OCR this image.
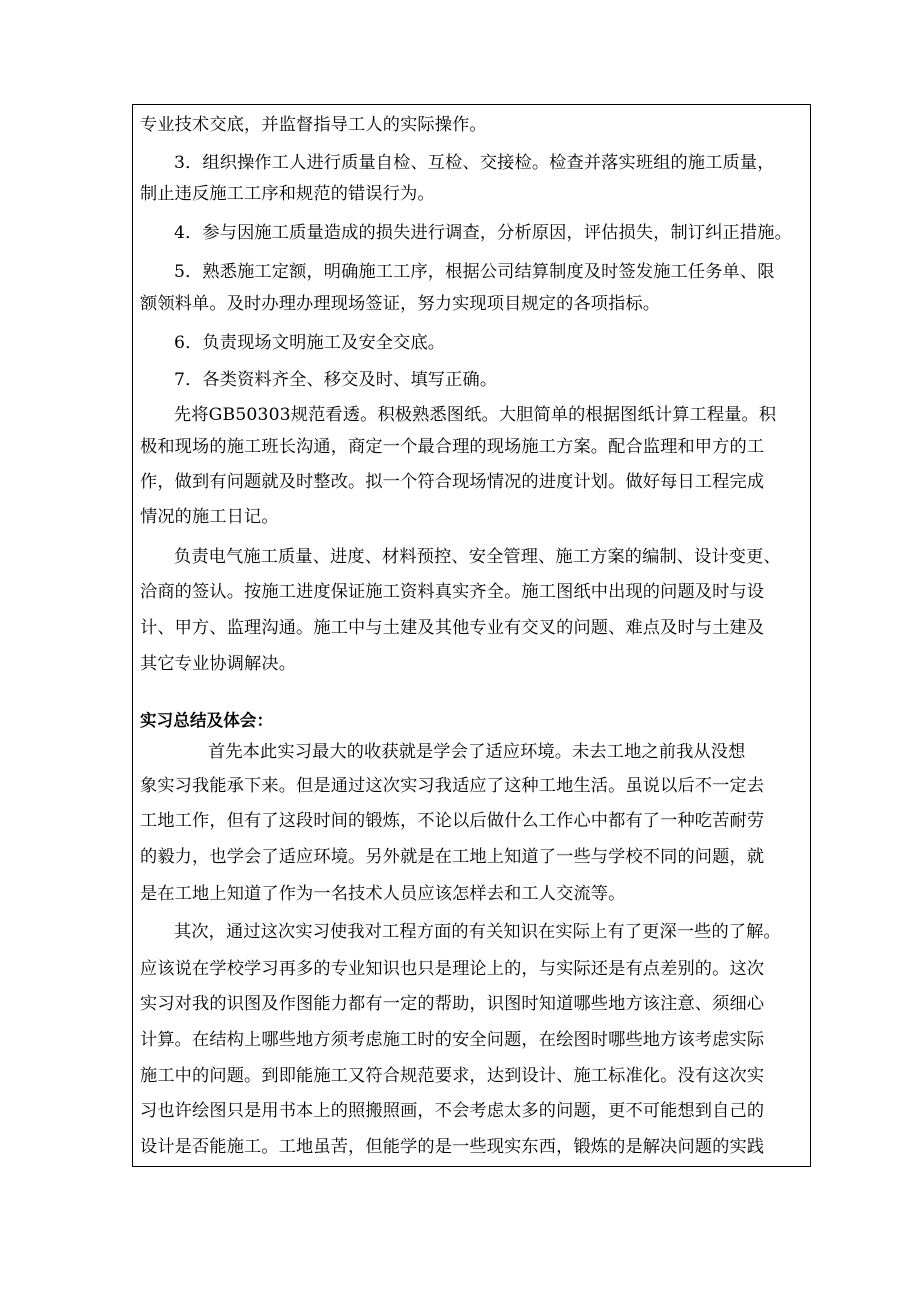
专业技术交底，并监督指导工人的实际操作。
3．组织操作工人进行质量自检、互检、交接检。检查并落实班组的施工质量，
制止违反施工工序和规范的错误行为。
4．参与因施工质量造成的损失进行调查，分析原因，评估损失，制订纠正措施。
5．熟悉施工定额，明确施工工序，根据公司结算制度及时签发施工任务单、限
额领料单。及时办理办理现场签证，努力实现项目规定的各项指标。
6．负责现场文明施工及安全交底。
7．各类资料齐全、移交及时、填写正确。
先将GB50303规范看透。积极熟悉图纸。大胆简单的根据图纸计算工程量。积
极和现场的施工班长沟通，商定一个最合理的现场施工方案。配合监理和甲方的工
作，做到有问题就及时整改。拟一个符合现场情况的进度计划。做好每日工程完成
情况的施工日记。
负责电气施工质量、进度、材料预控、安全管理、施工方案的编制、设计变更、
洽商的签认。按施工进度保证施工资料真实齐全。施工图纸中出现的问题及时与设
计、甲方、监理沟通。施工中与土建及其他专业有交叉的问题、难点及时与土建及
其它专业协调解决。
实习总结及体会：
首先本此实习最大的收获就是学会了适应环境。未去工地之前我从没想
象实习我能承下来。但是通过这次实习我适应了这种工地生活。虽说以后不一定去
工地工作，但有了这段时间的锻炼，不论以后做什么工作心中都有了一种吃苦耐劳
的毅力，也学会了适应环境。另外就是在工地上知道了一些与学校不同的问题，就
是在工地上知道了作为一名技术人员应该怎样去和工人交流等。
其次，通过这次实习使我对工程方面的有关知识在实际上有了更深一些的了解。
应该说在学校学习再多的专业知识也只是理论上的，与实际还是有点差别的。这次
实习对我的识图及作图能力都有一定的帮助，识图时知道哪些地方该注意、须细心
计算。在结构上哪些地方须考虑施工时的安全问题，在绘图时哪些地方该考虑实际
施工中的问题。到即能施工又符合规范要求，达到设计、施工标准化。没有这次实
习也许绘图只是用书本上的照搬照画，不会考虑太多的问题，更不可能想到自己的
设计是否能施工。工地虽苦，但能学的是一些现实东西，锻炼的是解决问题的实践
